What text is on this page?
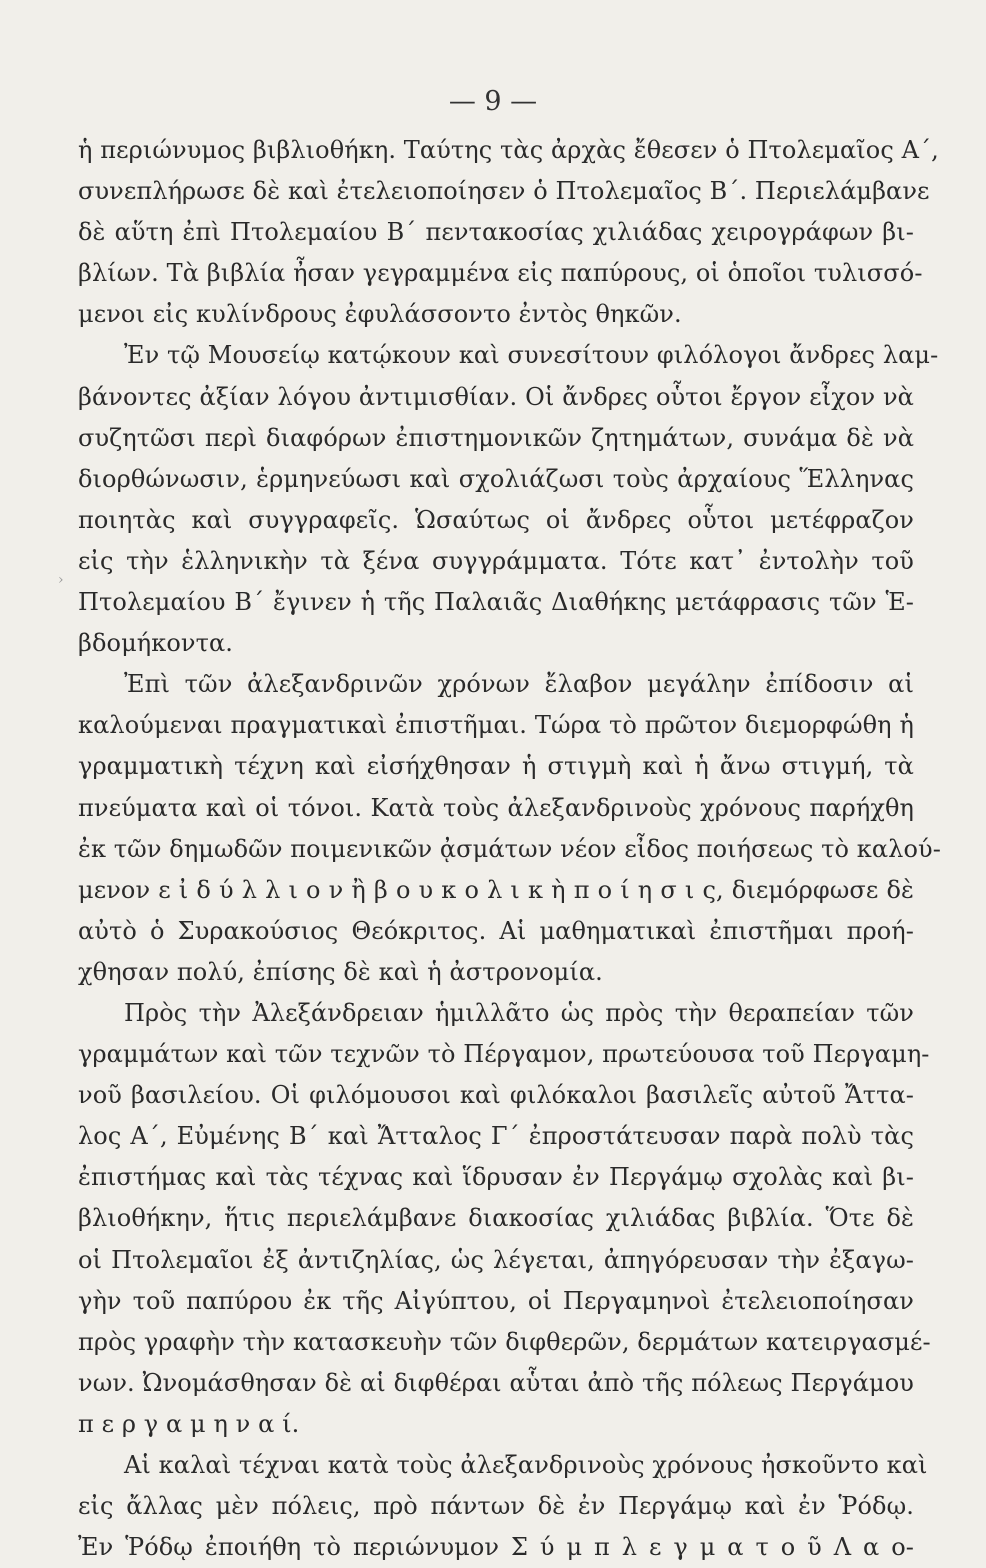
— 9 —
›
ἡ περιώνυμος βιβλιοθήκη. Ταύτης τὰς ἀρχὰς ἔθεσεν ὁ Πτολεμαῖος Α΄,
συνεπλήρωσε δὲ καὶ ἐτελειοποίησεν ὁ Πτολεμαῖος Β΄. Περιελάμβανε
δὲ αὕτη ἐπὶ Πτολεμαίου Β΄ πεντακοσίας χιλιάδας χειρογράφων βι-
βλίων. Τὰ βιβλία ἦσαν γεγραμμένα εἰς παπύρους, οἱ ὁποῖοι τυλισσό-
μενοι εἰς κυλίνδρους ἐφυλάσσοντο ἐντὸς θηκῶν.
Ἐν τῷ Μουσείῳ κατῴκουν καὶ συνεσίτουν φιλόλογοι ἄνδρες λαμ-
βάνοντες ἀξίαν λόγου ἀντιμισθίαν. Οἱ ἄνδρες οὗτοι ἔργον εἶχον νὰ
συζητῶσι περὶ διαφόρων ἐπιστημονικῶν ζητημάτων, συνάμα δὲ νὰ
διορθώνωσιν, ἑρμηνεύωσι καὶ σχολιάζωσι τοὺς ἀρχαίους Ἕλληνας
ποιητὰς καὶ συγγραφεῖς. Ὡσαύτως οἱ ἄνδρες οὗτοι μετέφραζον
εἰς τὴν ἑλληνικὴν τὰ ξένα συγγράμματα. Τότε κατ᾽ ἐντολὴν τοῦ
Πτολεμαίου Β΄ ἔγινεν ἡ τῆς Παλαιᾶς Διαθήκης μετάφρασις τῶν Ἑ-
βδομήκοντα.
Ἐπὶ τῶν ἀλεξανδρινῶν χρόνων ἔλαβον μεγάλην ἐπίδοσιν αἱ
καλούμεναι πραγματικαὶ ἐπιστῆμαι. Τώρα τὸ πρῶτον διεμορφώθη ἡ
γραμματικὴ τέχνη καὶ εἰσήχθησαν ἡ στιγμὴ καὶ ἡ ἄνω στιγμή, τὰ
πνεύματα καὶ οἱ τόνοι. Κατὰ τοὺς ἀλεξανδρινοὺς χρόνους παρήχθη
ἐκ τῶν δημωδῶν ποιμενικῶν ᾀσμάτων νέον εἶδος ποιήσεως τὸ καλού-
μενον ε ἰ δ ύ λ λ ι ο ν ἢ β ο υ κ ο λ ι κ ὴ π ο ί η σ ι ς, διεμόρφωσε δὲ
αὐτὸ ὁ Συρακούσιος Θεόκριτος. Αἱ μαθηματικαὶ ἐπιστῆμαι προή-
χθησαν πολύ, ἐπίσης δὲ καὶ ἡ ἀστρονομία.
Πρὸς τὴν Ἀλεξάνδρειαν ἡμιλλᾶτο ὡς πρὸς τὴν θεραπείαν τῶν
γραμμάτων καὶ τῶν τεχνῶν τὸ Πέργαμον, πρωτεύουσα τοῦ Περγαμη-
νοῦ βασιλείου. Οἱ φιλόμουσοι καὶ φιλόκαλοι βασιλεῖς αὐτοῦ Ἄττα-
λος Α΄, Εὐμένης Β΄ καὶ Ἄτταλος Γ΄ ἐπροστάτευσαν παρὰ πολὺ τὰς
ἐπιστήμας καὶ τὰς τέχνας καὶ ἵδρυσαν ἐν Περγάμῳ σχολὰς καὶ βι-
βλιοθήκην, ἥτις περιελάμβανε διακοσίας χιλιάδας βιβλία. Ὅτε δὲ
οἱ Πτολεμαῖοι ἐξ ἀντιζηλίας, ὡς λέγεται, ἀπηγόρευσαν τὴν ἐξαγω-
γὴν τοῦ παπύρου ἐκ τῆς Αἰγύπτου, οἱ Περγαμηνοὶ ἐτελειοποίησαν
πρὸς γραφὴν τὴν κατασκευὴν τῶν διφθερῶν, δερμάτων κατειργασμέ-
νων. Ὠνομάσθησαν δὲ αἱ διφθέραι αὗται ἀπὸ τῆς πόλεως Περγάμου
π ε ρ γ α μ η ν α ί.
Αἱ καλαὶ τέχναι κατὰ τοὺς ἀλεξανδρινοὺς χρόνους ἠσκοῦντο καὶ
εἰς ἄλλας μὲν πόλεις, πρὸ πάντων δὲ ἐν Περγάμῳ καὶ ἐν Ῥόδῳ.
Ἐν Ῥόδῳ ἐποιήθη τὸ περιώνυμον Σ ύ μ π λ ε γ μ α τ ο ῦ Λ α ο-
